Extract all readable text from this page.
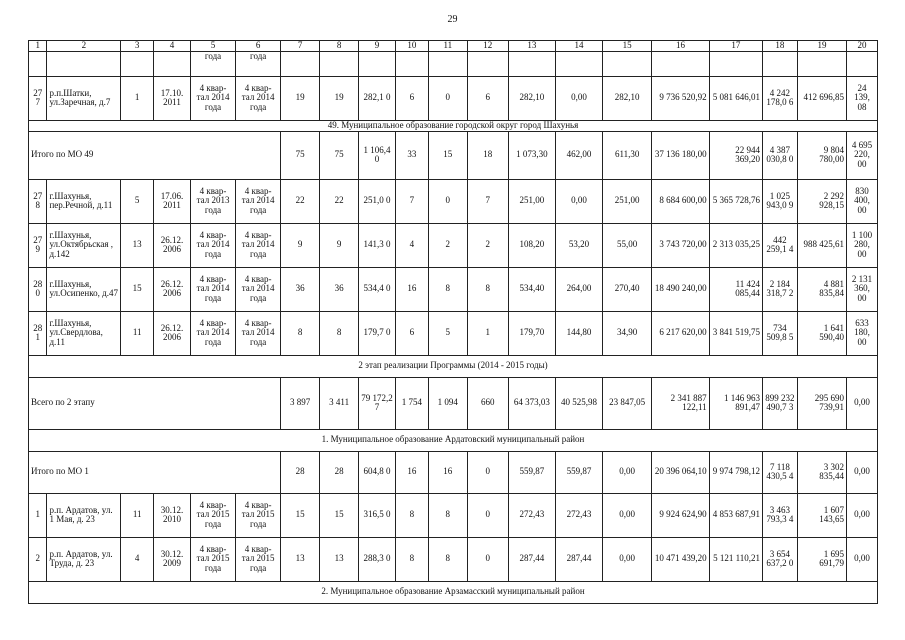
29
1	2	3	4	5	6	7	8	9	10	11	12	13	14	15	16	17	18	19	20
				года	года														
27 7	р.п.Шатки, ул.Заречная, д.7	1	17.10. 2011	4 квар- тал 2014 года	4 квар- тал 2014 года	19	19	282,1 0	6	0	6	282,10	0,00	282,10	9 736 520,92	5 081 646,01	4 242 178,0 6	412 696,85	24 139, 08
49. Муниципальное образование городской округ город Шахунья																			
Итого по МО 49						75	75	1 106,4 0	33	15	18	1 073,30	462,00	611,30	37 136 180,00	22 944 369,20	4 387 030,8 0	9 804 780,00	4 695 220, 00
27 8	г.Шахунья, пер.Речной, д.11	5	17.06. 2011	4 квар- тал 2013 года	4 квар- тал 2014 года	22	22	251,0 0	7	0	7	251,00	0,00	251,00	8 684 600,00	5 365 728,76	1 025 943,0 9	2 292 928,15	830 400, 00
27 9	г.Шахунья, ул.Октябрьская , д.142	13	26.12. 2006	4 квар- тал 2014 года	4 квар- тал 2014 года	9	9	141,3 0	4	2	2	108,20	53,20	55,00	3 743 720,00	2 313 035,25	442 259,1 4	988 425,61	1 100 280, 00
28 0	г.Шахунья, ул.Осипенко, д.47	15	26.12. 2006	4 квар- тал 2014 года	4 квар- тал 2014 года	36	36	534,4 0	16	8	8	534,40	264,00	270,40	18 490 240,00	11 424 085,44	2 184 318,7 2	4 881 835,84	2 131 360, 00
28 1	г.Шахунья, ул.Свердлова, д.11	11	26.12. 2006	4 квар- тал 2014 года	4 квар- тал 2014 года	8	8	179,7 0	6	5	1	179,70	144,80	34,90	6 217 620,00	3 841 519,75	734 509,8 5	1 641 590,40	633 180, 00
2 этап реализации Программы (2014 - 2015 годы)																			
Всего по 2 этапу						3 897	3 411	79 172,2 7	1 754	1 094	660	64 373,03	40 525,98	23 847,05	2 341 887 122,11	1 146 963 891,47	899 232 490,7 3	295 690 739,91	0,00
1. Муниципальное образование Ардатовский муниципальный район																			
Итого по МО 1						28	28	604,8 0	16	16	0	559,87	559,87	0,00	20 396 064,10	9 974 798,12	7 118 430,5 4	3 302 835,44	0,00
1	р.п. Ардатов, ул. 1 Мая, д. 23	11	30.12. 2010	4 квар- тал 2015 года	4 квар- тал 2015 года	15	15	316,5 0	8	8	0	272,43	272,43	0,00	9 924 624,90	4 853 687,91	3 463 793,3 4	1 607 143,65	0,00
2	р.п. Ардатов, ул. Труда, д. 23	4	30.12. 2009	4 квар- тал 2015 года	4 квар- тал 2015 года	13	13	288,3 0	8	8	0	287,44	287,44	0,00	10 471 439,20	5 121 110,21	3 654 637,2 0	1 695 691,79	0,00
2. Муниципальное образование Арзамасский муниципальный район																			
